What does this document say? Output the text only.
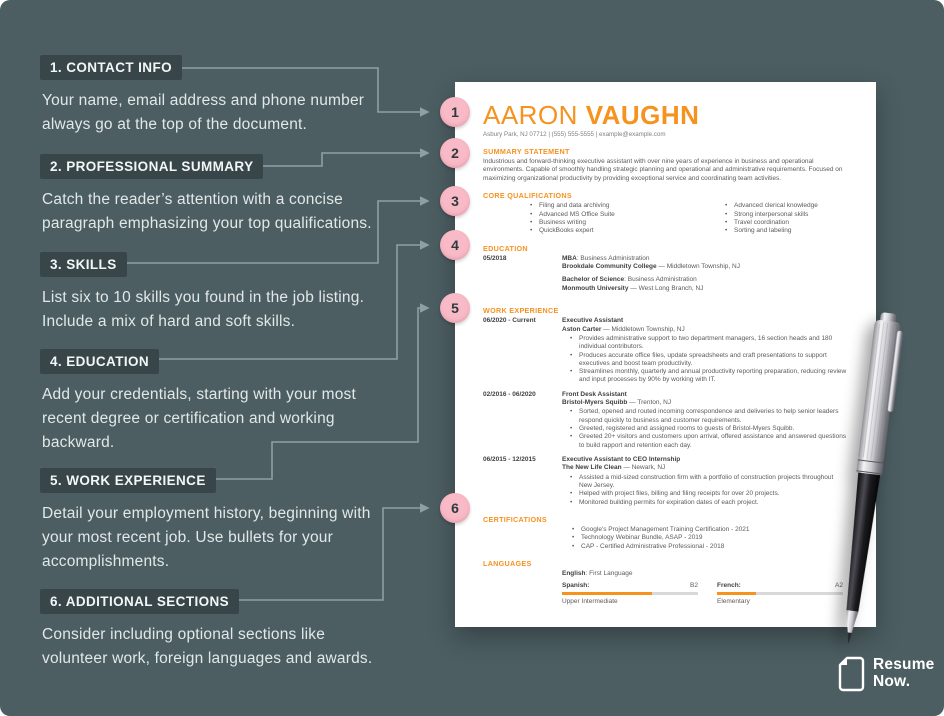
1. CONTACT INFO

Your name, email address and phone number always go at the top of the document.

2. PROFESSIONAL SUMMARY

Catch the reader’s attention with a concise paragraph emphasizing your top qualifications.

3. SKILLS

List six to 10 skills you found in the job listing. Include a mix of hard and soft skills.

4. EDUCATION

Add your credentials, starting with your most recent degree or certification and working backward.

5. WORK EXPERIENCE

Detail your employment history, beginning with your most recent job. Use bullets for your accomplishments.

6. ADDITIONAL SECTIONS

Consider including optional sections like volunteer work, foreign languages and awards.

AARON VAUGHN
Asbury Park, NJ 07712 | (555) 555-5555 | example@example.com
SUMMARY STATEMENT

Industrious and forward-thinking executive assistant with over nine years of experience in business and operational environments. Capable of smoothly handling strategic planning and operational and administrative requirements. Focused on maximizing organizational productivity by providing exceptional service and coordinating team activities.

CORE QUALIFICATIONS
• Filing and data archiving
• Advanced MS Office Suite
• Business writing
• QuickBooks expert
• Advanced clerical knowledge
• Strong interpersonal skills
• Travel coordination
• Sorting and labeling
EDUCATION
05/2018	MBA: Business Administration

Brookdale Community College — Middletown Township, NJ

Bachelor of Science: Business Administration

Monmouth University — West Long Branch, NJ

WORK EXPERIENCE
06/2020 - Current	Executive Assistant

Aston Carter — Middletown Township, NJ

• Provides administrative support to two department managers, 16 section heads and 180 individual contributors.
• Produces accurate office files, update spreadsheets and craft presentations to support executives and boost team productivity.
• Streamlines monthly, quarterly and annual productivity reporting preparation, reducing review and input processes by 90% by working with IT.
02/2016 - 06/2020	Front Desk Assistant

Bristol-Myers Squibb — Trenton, NJ

• Sorted, opened and routed incoming correspondence and deliveries to help senior leaders respond quickly to business and customer requirements.
• Greeted, registered and assigned rooms to guests of Bristol-Myers Squibb.
• Greeted 20+ visitors and customers upon arrival, offered assistance and answered questions to build rapport and retention each day.
06/2015 - 12/2015	Executive Assistant to CEO Internship

The New Life Clean — Newark, NJ

• Assisted a mid-sized construction firm with a portfolio of construction projects throughout New Jersey.
• Helped with project files, billing and filing receipts for over 20 projects.
• Monitored building permits for expiration dates of each project.
CERTIFICATIONS
• Google's Project Management Training Certification - 2021
• Technology Webinar Bundle, ASAP - 2019
• CAP - Certified Administrative Professional - 2018
LANGUAGES

English: First Language

Spanish:	B2
Upper Intermediate
French:	A2
Elementary
1
2
3
4
5
6
Resume
Now.
